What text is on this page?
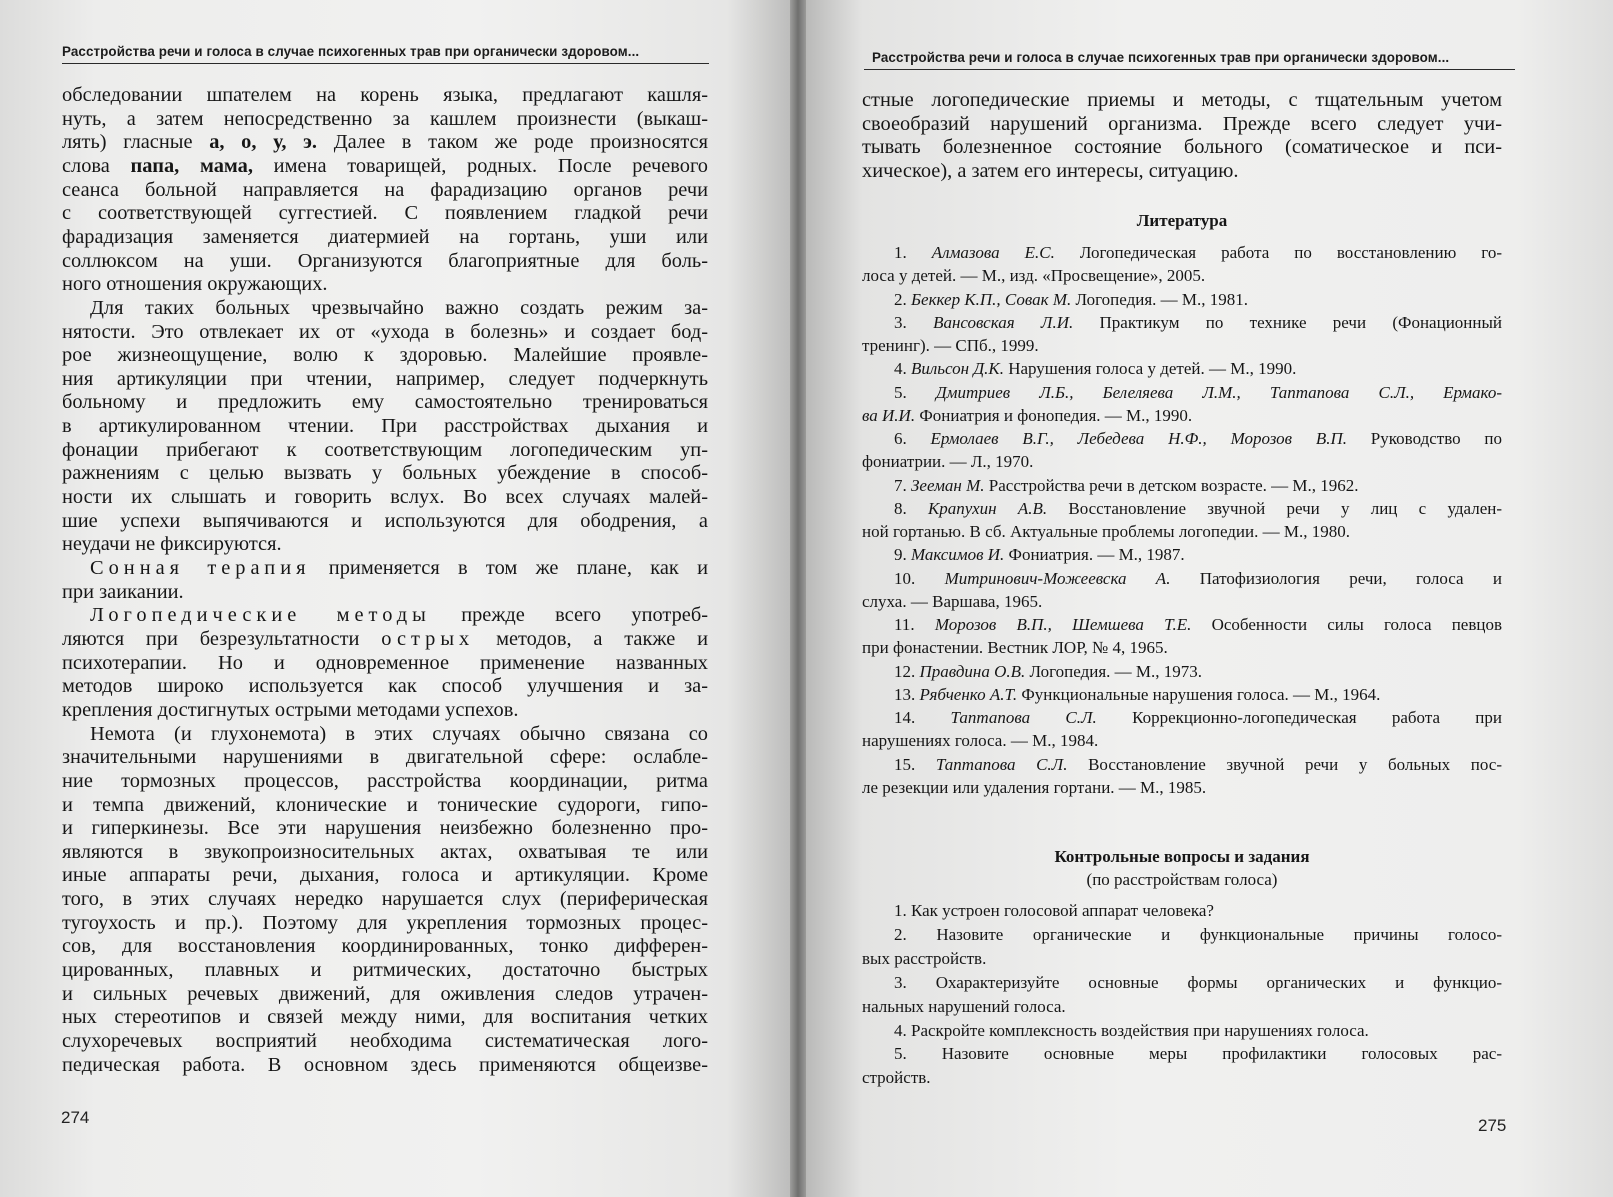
Расстройства речи и голоса в случае психогенных трав при органически здоровом...
обследовании шпателем на корень языка, предлагают кашля-
нуть, а затем непосредственно за кашлем произнести (выкаш-
лять) гласные а, о, у, э. Далее в таком же роде произносятся
слова папа, мама, имена товарищей, родных. После речевого
сеанса больной направляется на фарадизацию органов речи
с соответствующей суггестией. С появлением гладкой речи
фарадизация заменяется диатермией на гортань, уши или
соллюксом на уши. Организуются благоприятные для боль-
ного отношения окружающих.
Для таких больных чрезвычайно важно создать режим за-
нятости. Это отвлекает их от «ухода в болезнь» и создает бод-
рое жизнеощущение, волю к здоровью. Малейшие проявле-
ния артикуляции при чтении, например, следует подчеркнуть
больному и предложить ему самостоятельно тренироваться
в артикулированном чтении. При расстройствах дыхания и
фонации прибегают к соответствующим логопедическим уп-
ражнениям с целью вызвать у больных убеждение в способ-
ности их слышать и говорить вслух. Во всех случаях малей-
шие успехи выпячиваются и используются для ободрения, а
неудачи не фиксируются.
Сонная терапия применяется в том же плане, как и
при заикании.
Логопедические методы прежде всего употреб-
ляются при безрезультатности острых методов, а также и
психотерапии. Но и одновременное применение названных
методов широко используется как способ улучшения и за-
крепления достигнутых острыми методами успехов.
Немота (и глухонемота) в этих случаях обычно связана со
значительными нарушениями в двигательной сфере: ослабле-
ние тормозных процессов, расстройства координации, ритма
и темпа движений, клонические и тонические судороги, гипо-
и гиперкинезы. Все эти нарушения неизбежно болезненно про-
являются в звукопроизносительных актах, охватывая те или
иные аппараты речи, дыхания, голоса и артикуляции. Кроме
того, в этих случаях нередко нарушается слух (периферическая
тугоухость и пр.). Поэтому для укрепления тормозных процес-
сов, для восстановления координированных, тонко дифферен-
цированных, плавных и ритмических, достаточно быстрых
и сильных речевых движений, для оживления следов утрачен-
ных стереотипов и связей между ними, для воспитания четких
слухоречевых восприятий необходима систематическая лого-
педическая работа. В основном здесь применяются общеизве-
274
Расстройства речи и голоса в случае психогенных трав при органически здоровом...
стные логопедические приемы и методы, с тщательным учетом
своеобразий нарушений организма. Прежде всего следует учи-
тывать болезненное состояние больного (соматическое и пси-
хическое), а затем его интересы, ситуацию.
Литература
1. Алмазова Е.С. Логопедическая работа по восстановлению го-
лоса у детей. — М., изд. «Просвещение», 2005.
2. Беккер К.П., Совак М. Логопедия. — М., 1981.
3. Вансовская Л.И. Практикум по технике речи (Фонационный
тренинг). — СПб., 1999.
4. Вильсон Д.К. Нарушения голоса у детей. — М., 1990.
5. Дмитриев Л.Б., Белеляева Л.М., Таптапова С.Л., Ермако-
ва И.И. Фониатрия и фонопедия. — М., 1990.
6. Ермолаев В.Г., Лебедева Н.Ф., Морозов В.П. Руководство по
фониатрии. — Л., 1970.
7. Зееман М. Расстройства речи в детском возрасте. — М., 1962.
8. Крапухин А.В. Восстановление звучной речи у лиц с удален-
ной гортанью. В сб. Актуальные проблемы логопедии. — М., 1980.
9. Максимов И. Фониатрия. — М., 1987.
10. Митринович-Можеевска А. Патофизиология речи, голоса и
слуха. — Варшава, 1965.
11. Морозов В.П., Шемшева Т.Е. Особенности силы голоса певцов
при фонастении. Вестник ЛОР, № 4, 1965.
12. Правдина О.В. Логопедия. — М., 1973.
13. Рябченко А.Т. Функциональные нарушения голоса. — М., 1964.
14. Таптапова С.Л. Коррекционно-логопедическая работа при
нарушениях голоса. — М., 1984.
15. Таптапова С.Л. Восстановление звучной речи у больных пос-
ле резекции или удаления гортани. — М., 1985.
Контрольные вопросы и задания
(по расстройствам голоса)
1. Как устроен голосовой аппарат человека?
2. Назовите органические и функциональные причины голосо-
вых расстройств.
3. Охарактеризуйте основные формы органических и функцио-
нальных нарушений голоса.
4. Раскройте комплексность воздействия при нарушениях голоса.
5. Назовите основные меры профилактики голосовых рас-
стройств.
275
